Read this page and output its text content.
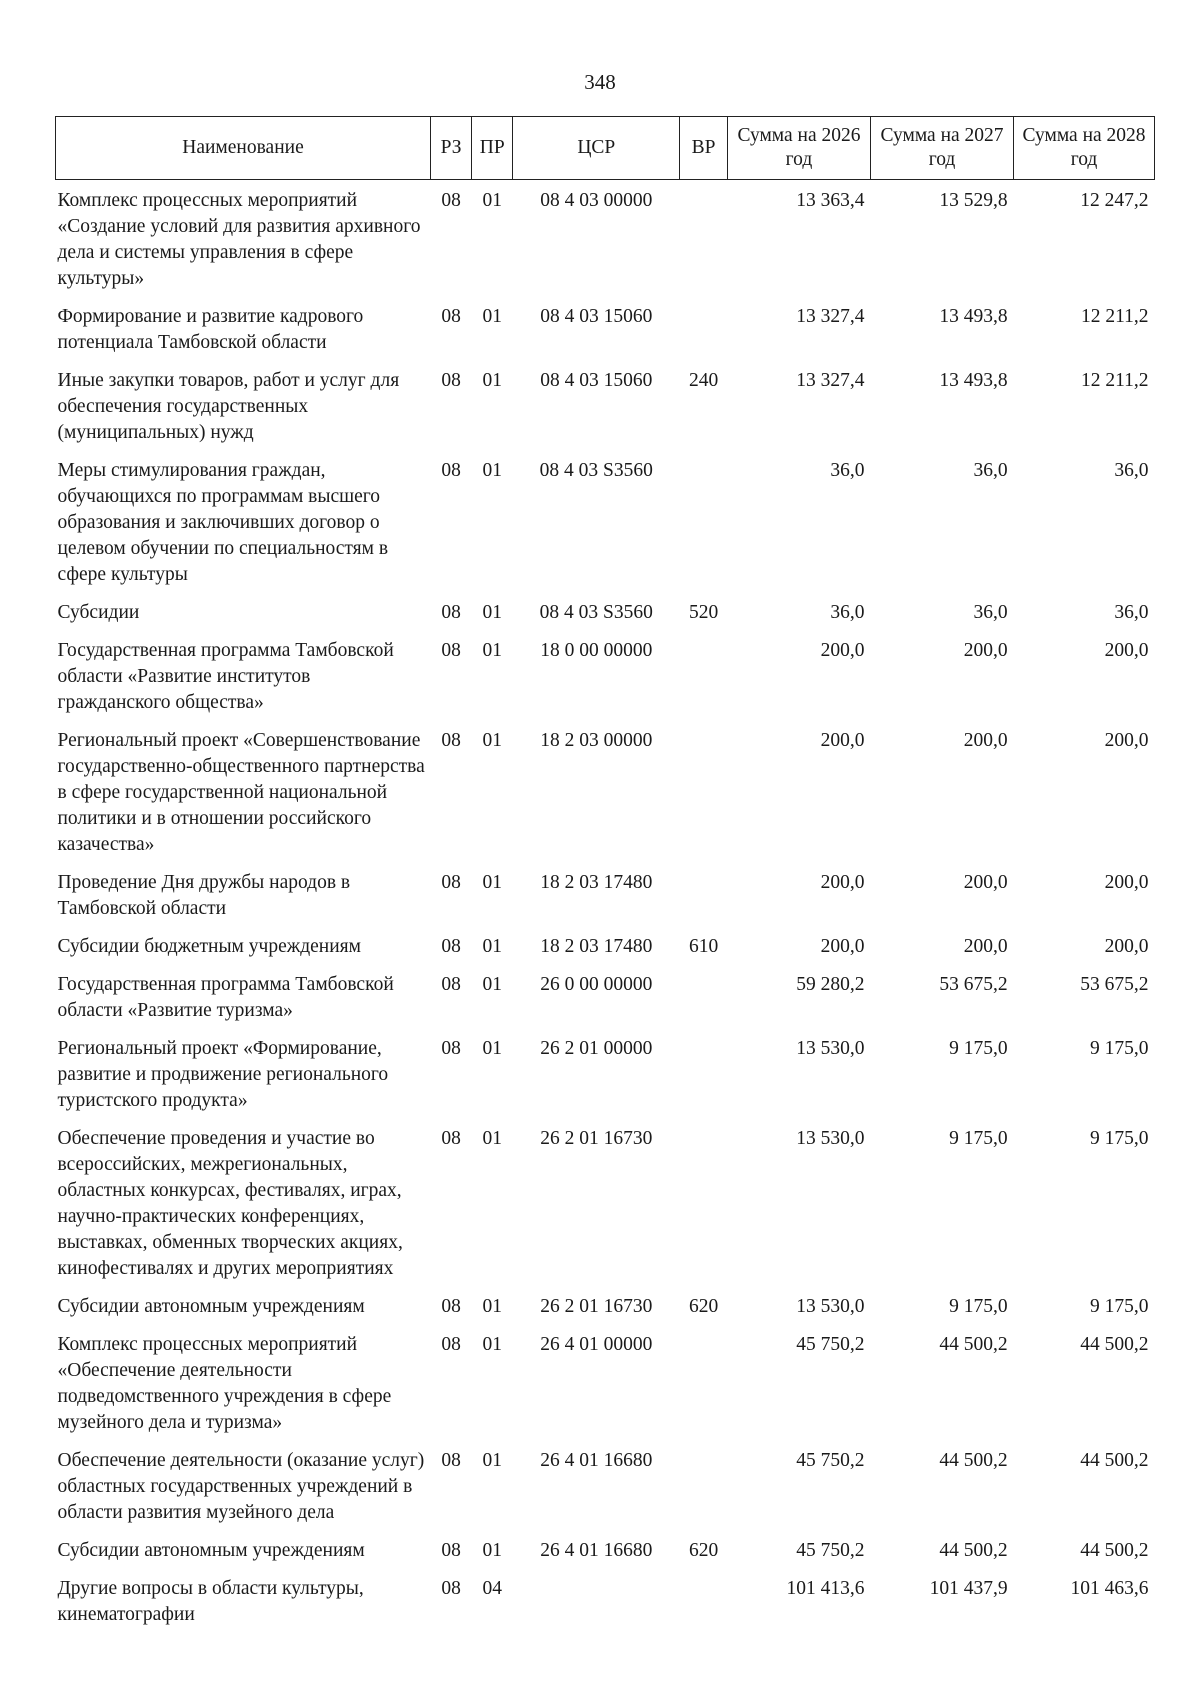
348
Наименование	РЗ	ПР	ЦСР	ВР	Сумма на 2026 год	Сумма на 2027 год	Сумма на 2028 год
Комплекс процессных мероприятий «Создание условий для развития архивного дела и системы управления в сфере культуры»	08	01	08 4 03 00000		13 363,4	13 529,8	12 247,2
Формирование и развитие кадрового потенциала Тамбовской области	08	01	08 4 03 15060		13 327,4	13 493,8	12 211,2
Иные закупки товаров, работ и услуг для обеспечения государственных (муниципальных) нужд	08	01	08 4 03 15060	240	13 327,4	13 493,8	12 211,2
Меры стимулирования граждан, обучающихся по программам высшего образования и заключивших договор о целевом обучении по специальностям в сфере культуры	08	01	08 4 03 S3560		36,0	36,0	36,0
Субсидии	08	01	08 4 03 S3560	520	36,0	36,0	36,0
Государственная программа Тамбовской области «Развитие институтов гражданского общества»	08	01	18 0 00 00000		200,0	200,0	200,0
Региональный проект «Совершенствование государственно-общественного партнерства в сфере государственной национальной политики и в отношении российского казачества»	08	01	18 2 03 00000		200,0	200,0	200,0
Проведение Дня дружбы народов в Тамбовской области	08	01	18 2 03 17480		200,0	200,0	200,0
Субсидии бюджетным учреждениям	08	01	18 2 03 17480	610	200,0	200,0	200,0
Государственная программа Тамбовской области «Развитие туризма»	08	01	26 0 00 00000		59 280,2	53 675,2	53 675,2
Региональный проект «Формирование, развитие и продвижение регионального туристского продукта»	08	01	26 2 01 00000		13 530,0	9 175,0	9 175,0
Обеспечение проведения и участие во всероссийских, межрегиональных, областных конкурсах, фестивалях, играх, научно-практических конференциях, выставках, обменных творческих акциях, кинофестивалях и других мероприятиях	08	01	26 2 01 16730		13 530,0	9 175,0	9 175,0
Субсидии автономным учреждениям	08	01	26 2 01 16730	620	13 530,0	9 175,0	9 175,0
Комплекс процессных мероприятий «Обеспечение деятельности подведомственного учреждения в сфере музейного дела и туризма»	08	01	26 4 01 00000		45 750,2	44 500,2	44 500,2
Обеспечение деятельности (оказание услуг) областных государственных учреждений в области развития музейного дела	08	01	26 4 01 16680		45 750,2	44 500,2	44 500,2
Субсидии автономным учреждениям	08	01	26 4 01 16680	620	45 750,2	44 500,2	44 500,2
Другие вопросы в области культуры, кинематографии	08	04			101 413,6	101 437,9	101 463,6
